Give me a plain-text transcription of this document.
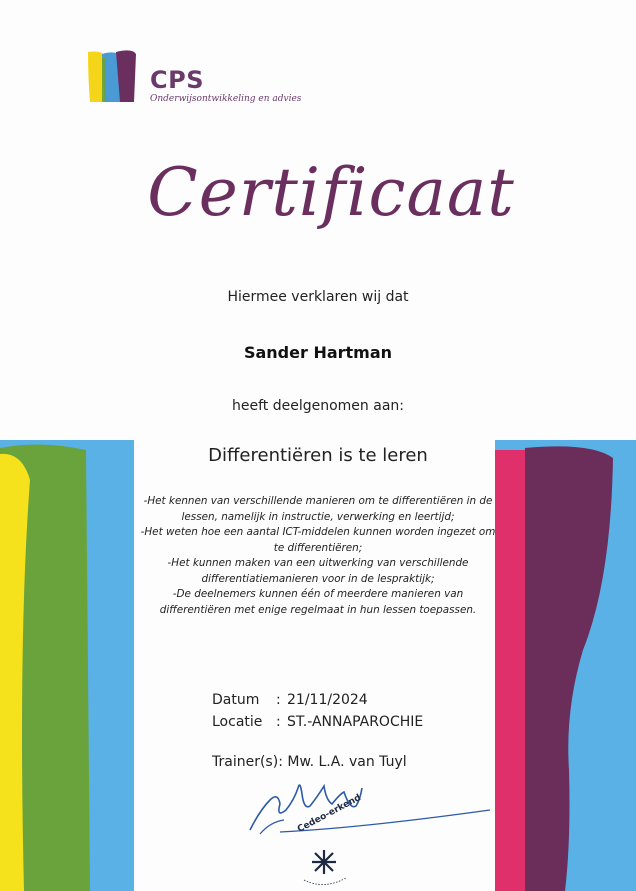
CPS
Onderwijsontwikkeling en advies
Certificaat
Hiermee verklaren wij dat
Sander Hartman
heeft deelgenomen aan:
Differentiëren is te leren
-Het kennen van verschillende manieren om te differentiëren in de
lessen, namelijk in instructie, verwerking en leertijd;
-Het weten hoe een aantal ICT-middelen kunnen worden ingezet om
te differentiëren;
-Het kunnen maken van een uitwerking van verschillende
differentiatiemanieren voor in de lespraktijk;
-De deelnemers kunnen één of meerdere manieren van
differentiëren met enige regelmaat in hun lessen toepassen.
Datum : 21/11/2024
Locatie : ST.-ANNAPAROCHIE
Trainer(s): Mw. L.A. van Tuyl
Cedeo-erkend
